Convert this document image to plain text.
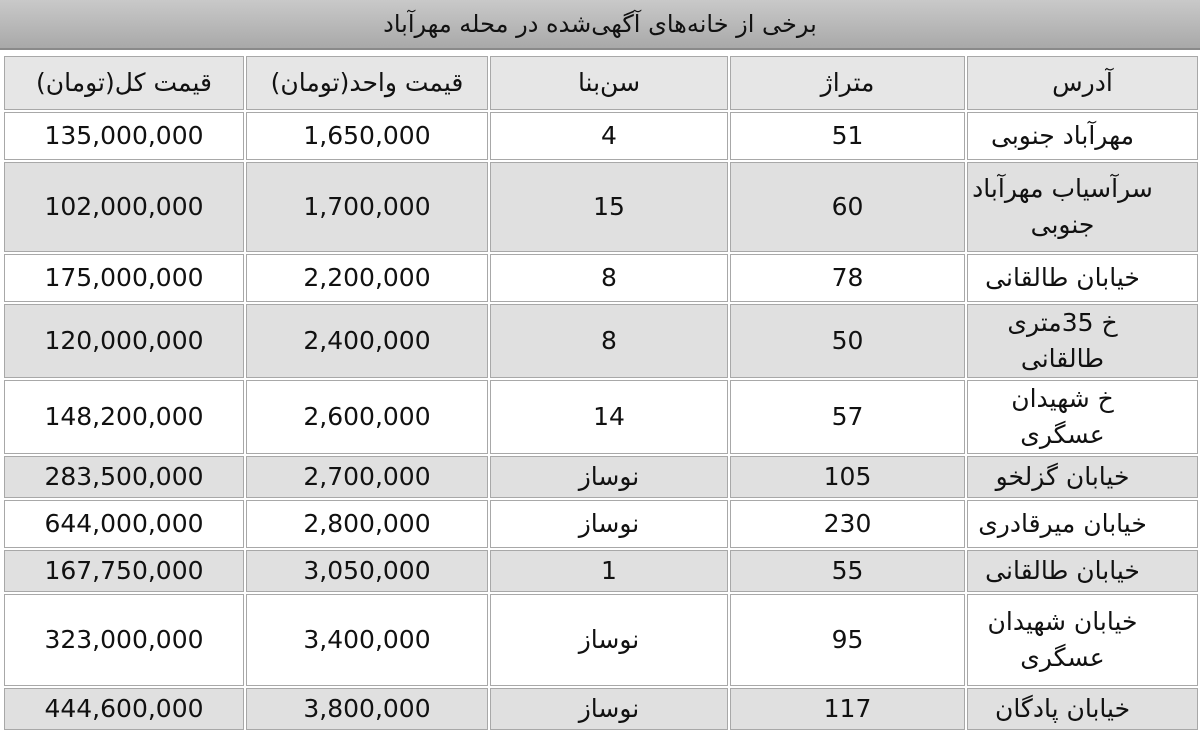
برخی از خانه‌های آگهی‌شده در محله مهرآباد
آدرس	متراژ	سن‌بنا	قیمت واحد(تومان)	قیمت کل(تومان)
مهرآباد جنوبی	51	4	1,650,000	135,000,000
سرآسیاب مهرآباد جنوبی	60	15	1,700,000	102,000,000
خیابان طالقانی	78	8	2,200,000	175,000,000
خ 35متری طالقانی	50	8	2,400,000	120,000,000
خ شهیدان عسگری	57	14	2,600,000	148,200,000
خیابان گزلخو	105	نوساز	2,700,000	283,500,000
خیابان میرقادری	230	نوساز	2,800,000	644,000,000
خیابان طالقانی	55	1	3,050,000	167,750,000
خیابان شهیدان عسگری	95	نوساز	3,400,000	323,000,000
خیابان پادگان	117	نوساز	3,800,000	444,600,000
